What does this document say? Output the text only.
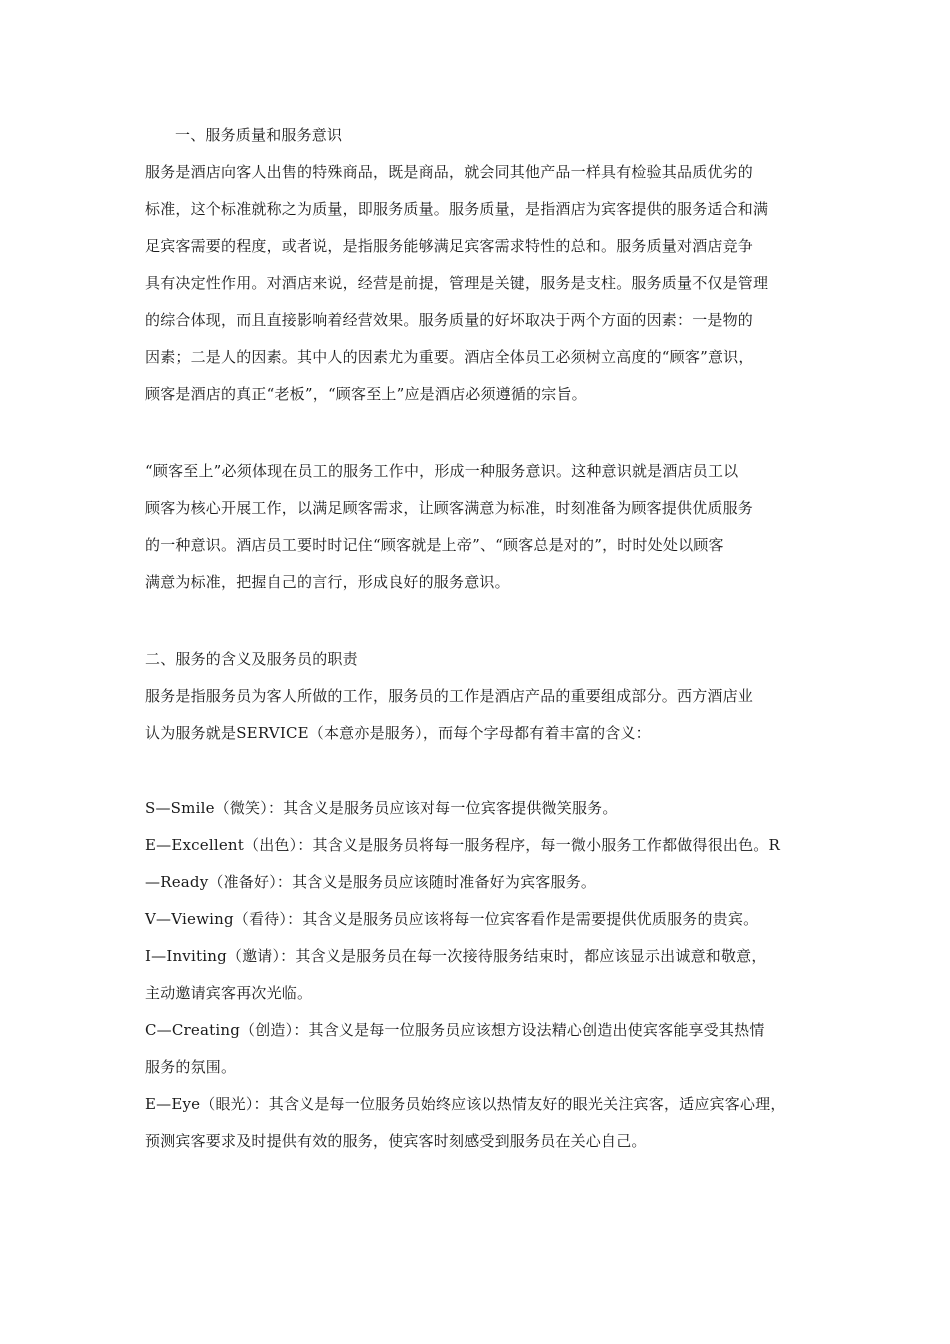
一、服务质量和服务意识
服务是酒店向客人出售的特殊商品，既是商品，就会同其他产品一样具有检验其品质优劣的
标准，这个标准就称之为质量，即服务质量。服务质量，是指酒店为宾客提供的服务适合和满
足宾客需要的程度，或者说，是指服务能够满足宾客需求特性的总和。服务质量对酒店竞争
具有决定性作用。对酒店来说，经营是前提，管理是关键，服务是支柱。服务质量不仅是管理
的综合体现，而且直接影响着经营效果。服务质量的好坏取决于两个方面的因素：一是物的
因素；二是人的因素。其中人的因素尤为重要。酒店全体员工必须树立高度的“顾客”意识，
顾客是酒店的真正“老板”，“顾客至上”应是酒店必须遵循的宗旨。
“顾客至上”必须体现在员工的服务工作中，形成一种服务意识。这种意识就是酒店员工以
顾客为核心开展工作，以满足顾客需求，让顾客满意为标准，时刻准备为顾客提供优质服务
的一种意识。酒店员工要时时记住“顾客就是上帝”、“顾客总是对的”，时时处处以顾客
满意为标准，把握自己的言行，形成良好的服务意识。
二、服务的含义及服务员的职责
服务是指服务员为客人所做的工作，服务员的工作是酒店产品的重要组成部分。西方酒店业
认为服务就是SERVICE（本意亦是服务），而每个字母都有着丰富的含义：
S—Smile（微笑）：其含义是服务员应该对每一位宾客提供微笑服务。
E—Excellent（出色）：其含义是服务员将每一服务程序，每一微小服务工作都做得很出色。R
—Ready（准备好）：其含义是服务员应该随时准备好为宾客服务。
V—Viewing（看待）：其含义是服务员应该将每一位宾客看作是需要提供优质服务的贵宾。
I—Inviting（邀请）：其含义是服务员在每一次接待服务结束时，都应该显示出诚意和敬意，
主动邀请宾客再次光临。
C—Creating（创造）：其含义是每一位服务员应该想方设法精心创造出使宾客能享受其热情
服务的氛围。
E—Eye（眼光）：其含义是每一位服务员始终应该以热情友好的眼光关注宾客，适应宾客心理，
预测宾客要求及时提供有效的服务，使宾客时刻感受到服务员在关心自己。
